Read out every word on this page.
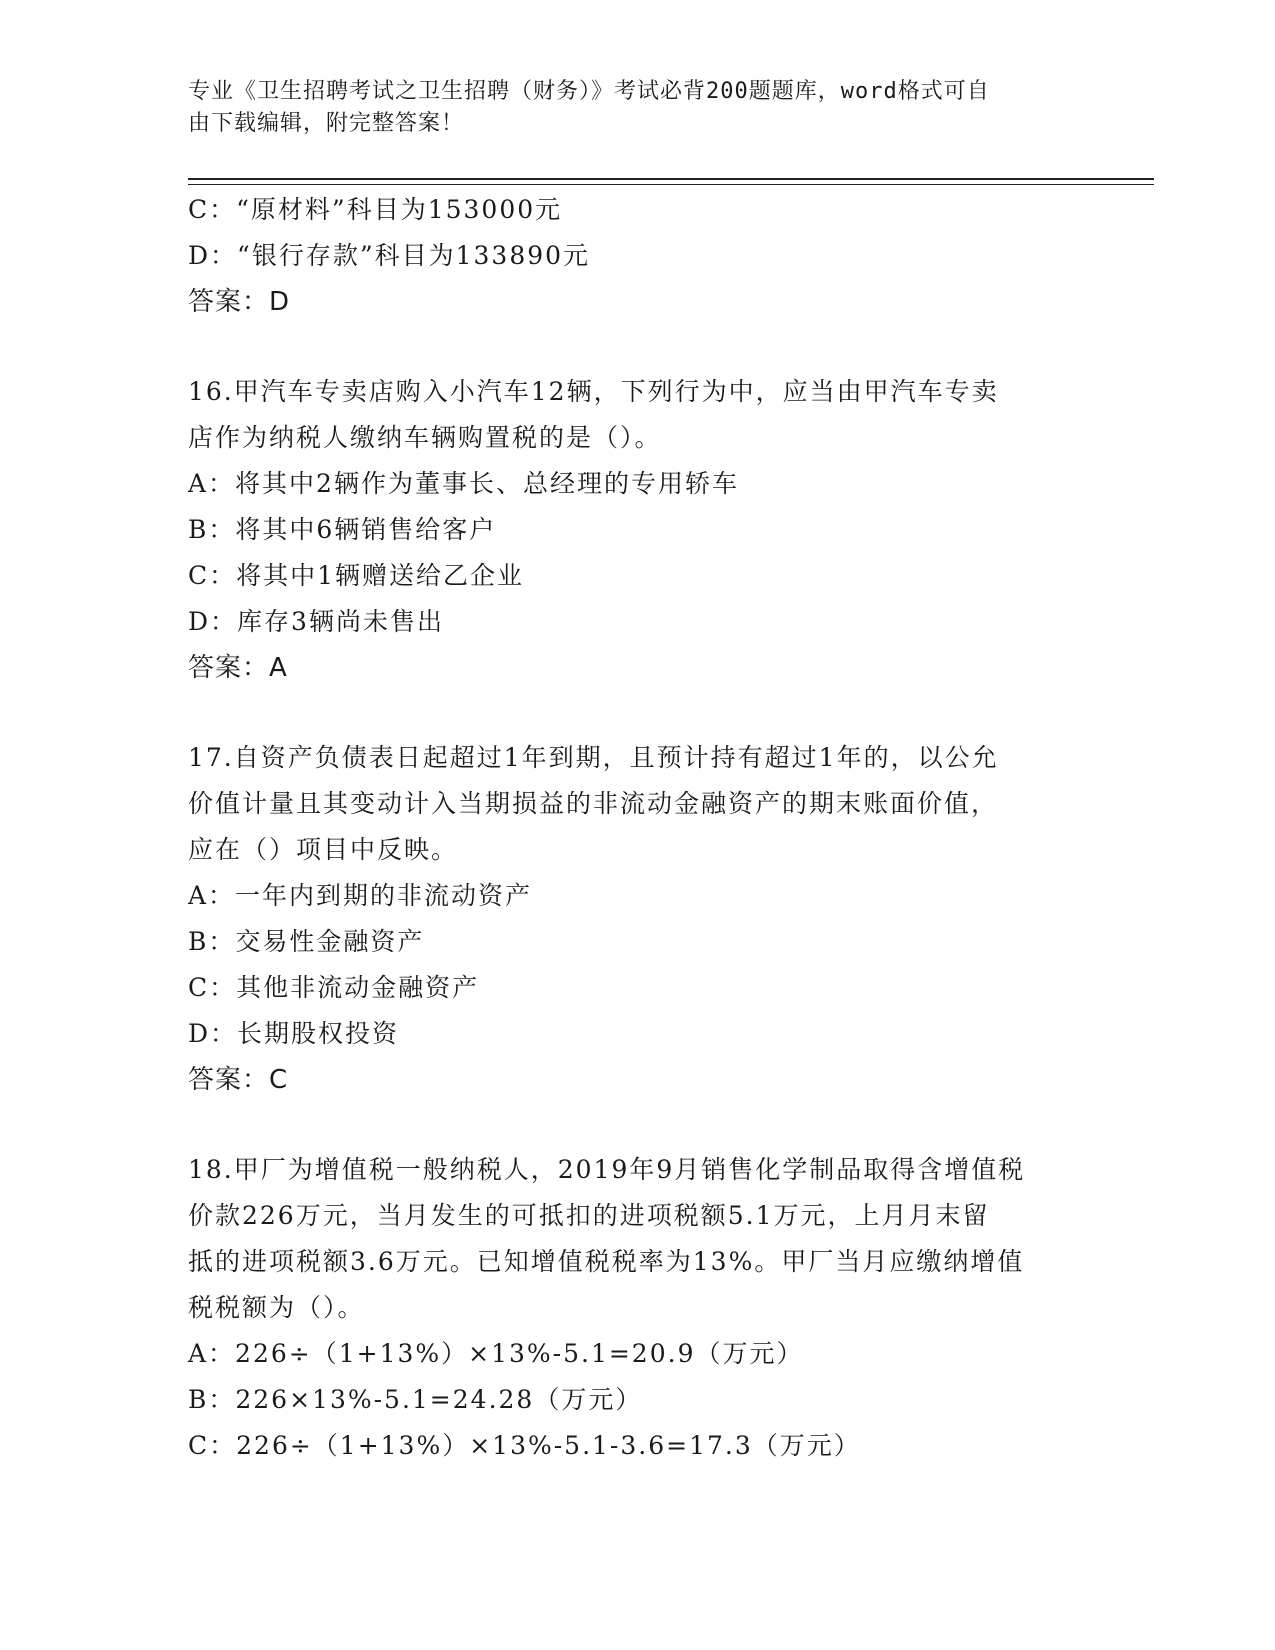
专业《卫生招聘考试之卫生招聘（财务）》考试必背200题题库，word格式可自
由下载编辑，附完整答案！
C：“原材料”科目为153000元
D：“银行存款”科目为133890元
答案：D
16.甲汽车专卖店购入小汽车12辆，下列行为中，应当由甲汽车专卖
店作为纳税人缴纳车辆购置税的是（）。
A：将其中2辆作为董事长、总经理的专用轿车
B：将其中6辆销售给客户
C：将其中1辆赠送给乙企业
D：库存3辆尚未售出
答案：A
17.自资产负债表日起超过1年到期，且预计持有超过1年的，以公允
价值计量且其变动计入当期损益的非流动金融资产的期末账面价值，
应在（）项目中反映。
A：一年内到期的非流动资产
B：交易性金融资产
C：其他非流动金融资产
D：长期股权投资
答案：C
18.甲厂为增值税一般纳税人，2019年9月销售化学制品取得含增值税
价款226万元，当月发生的可抵扣的进项税额5.1万元，上月月末留
抵的进项税额3.6万元。已知增值税税率为13%。甲厂当月应缴纳增值
税税额为（）。
A：226÷（1+13%）×13%-5.1=20.9（万元）
B：226×13%-5.1=24.28（万元）
C：226÷（1+13%）×13%-5.1-3.6=17.3（万元）
